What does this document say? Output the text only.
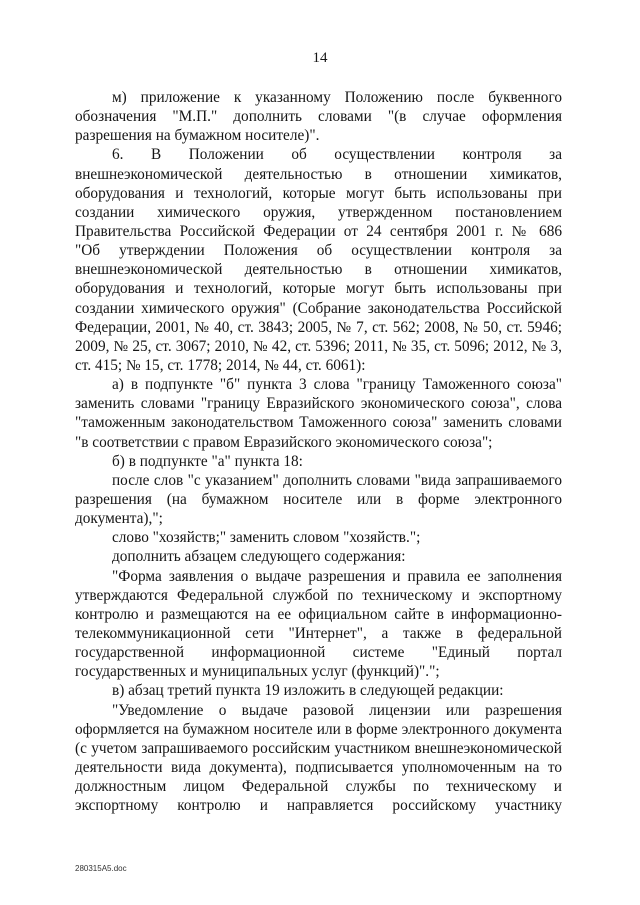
14
м) приложение к указанному Положению после буквенного
обозначения "М.П." дополнить словами "(в случае оформления
разрешения на бумажном носителе)".
6. В Положении об осуществлении контроля за
внешнеэкономической деятельностью в отношении химикатов,
оборудования и технологий, которые могут быть использованы при
создании химического оружия, утвержденном постановлением
Правительства Российской Федерации от 24 сентября 2001 г. № 686
"Об утверждении Положения об осуществлении контроля за
внешнеэкономической деятельностью в отношении химикатов,
оборудования и технологий, которые могут быть использованы при
создании химического оружия" (Собрание законодательства Российской
Федерации, 2001, № 40, ст. 3843; 2005, № 7, ст. 562; 2008, № 50, ст. 5946;
2009, № 25, ст. 3067; 2010, № 42, ст. 5396; 2011, № 35, ст. 5096; 2012, № 3,
ст. 415; № 15, ст. 1778; 2014, № 44, ст. 6061):
а) в подпункте "б" пункта 3 слова "границу Таможенного союза"
заменить словами "границу Евразийского экономического союза", слова
"таможенным законодательством Таможенного союза" заменить словами
"в соответствии с правом Евразийского экономического союза";
б) в подпункте "а" пункта 18:
после слов "с указанием" дополнить словами "вида запрашиваемого
разрешения (на бумажном носителе или в форме электронного
документа),";
слово "хозяйств;" заменить словом "хозяйств.";
дополнить абзацем следующего содержания:
"Форма заявления о выдаче разрешения и правила ее заполнения
утверждаются Федеральной службой по техническому и экспортному
контролю и размещаются на ее официальном сайте в информационно-
телекоммуникационной сети "Интернет", а также в федеральной
государственной информационной системе "Единый портал
государственных и муниципальных услуг (функций)".";
в) абзац третий пункта 19 изложить в следующей редакции:
"Уведомление о выдаче разовой лицензии или разрешения
оформляется на бумажном носителе или в форме электронного документа
(с учетом запрашиваемого российским участником внешнеэкономической
деятельности вида документа), подписывается уполномоченным на то
должностным лицом Федеральной службы по техническому и
экспортному контролю и направляется российскому участнику
280315А5.doc
